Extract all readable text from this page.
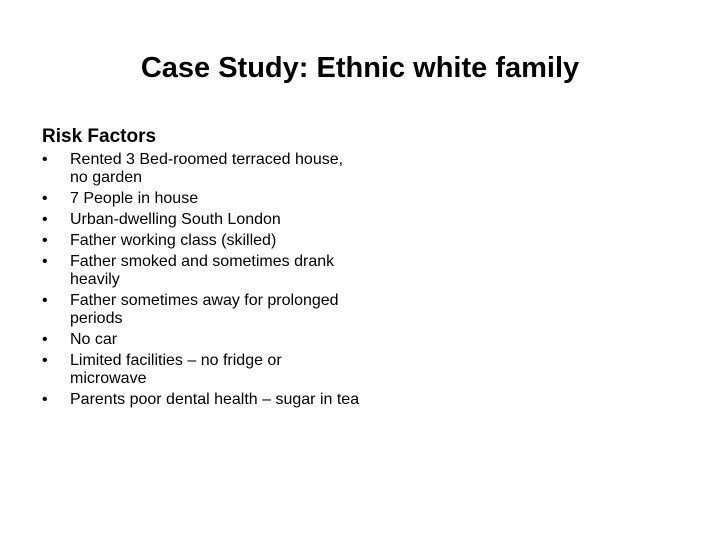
Case Study: Ethnic white family
Risk Factors
•	Rented 3 Bed-roomed terraced house, no garden
•	7 People in house
•	Urban-dwelling South London
•	Father working class (skilled)
•	Father smoked and sometimes drank heavily
•	Father sometimes away for prolonged periods
•	No car
•	Limited facilities – no fridge or microwave
•	Parents poor dental health – sugar in tea
